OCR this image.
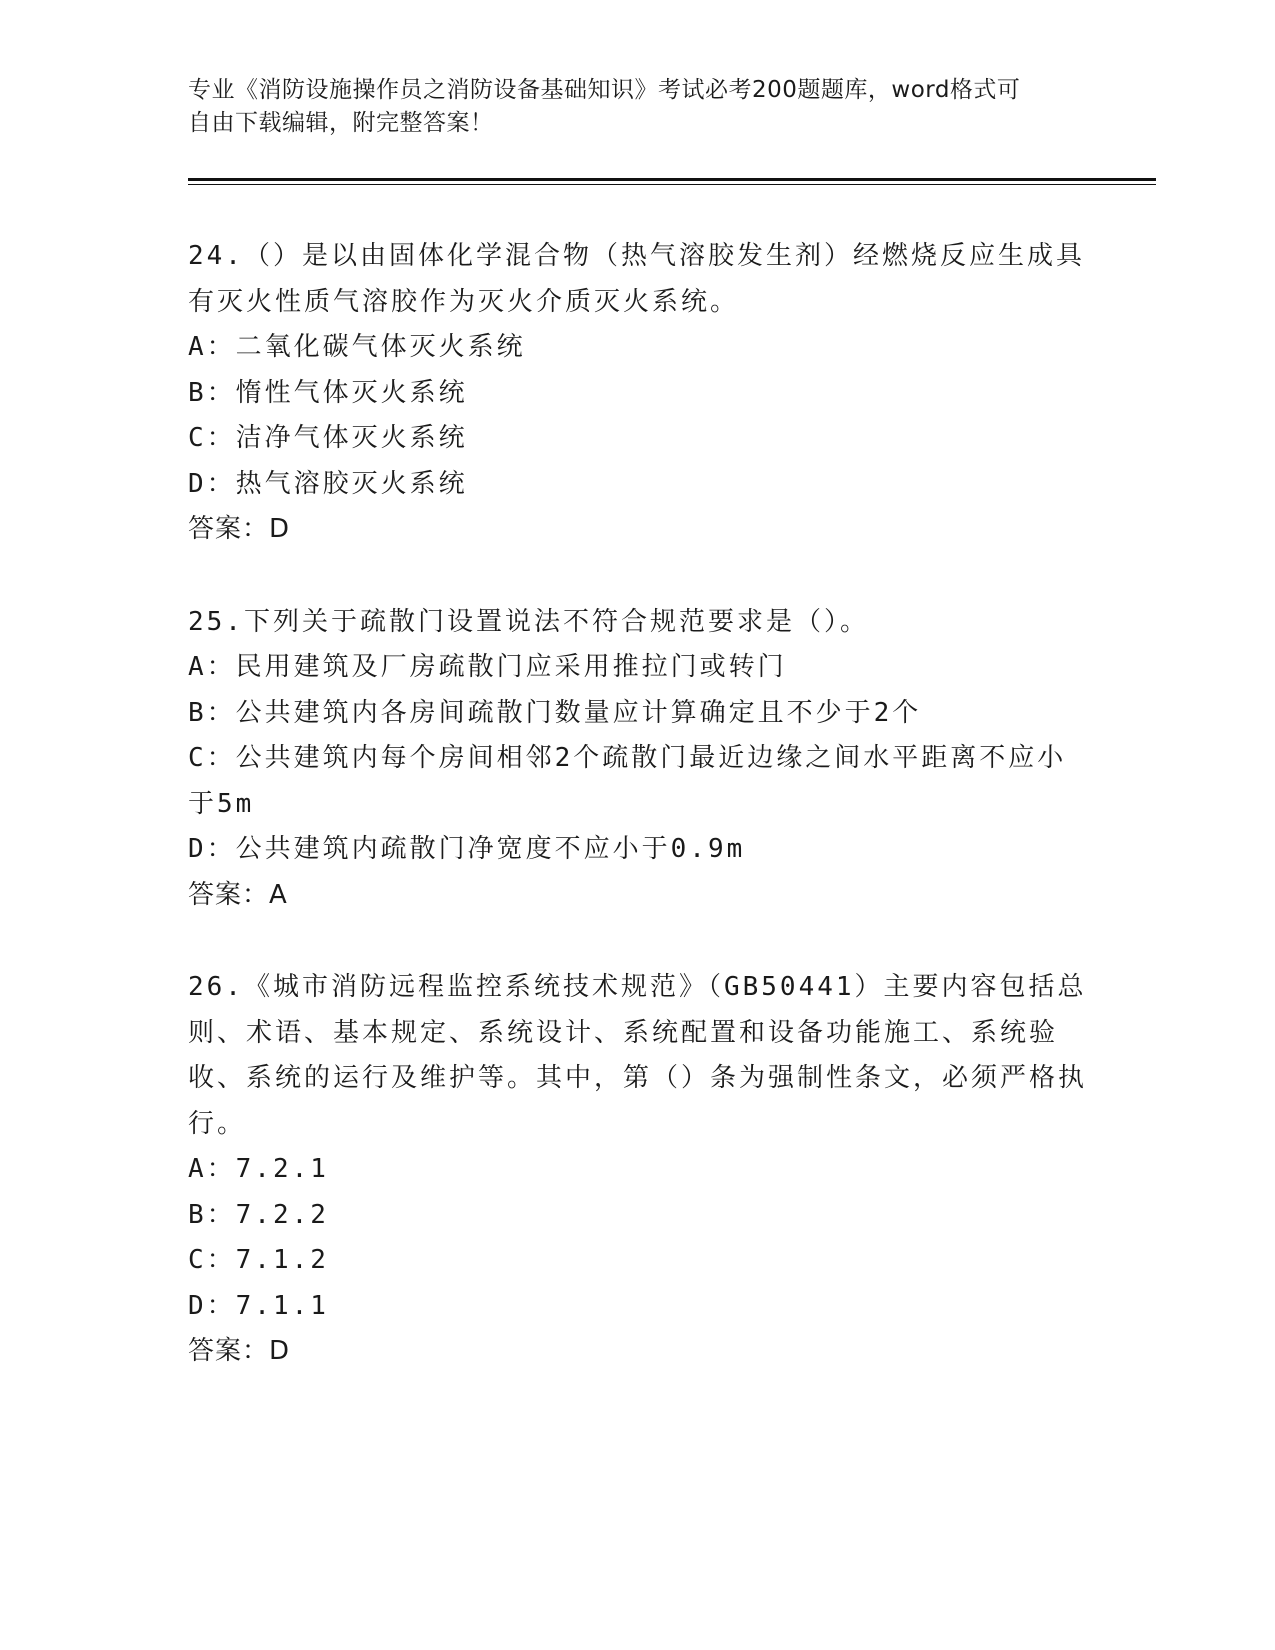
专业《消防设施操作员之消防设备基础知识》考试必考200题题库，word格式可
自由下载编辑，附完整答案！

24.（）是以由固体化学混合物（热气溶胶发生剂）经燃烧反应生成具有灭火性质气溶胶作为灭火介质灭火系统。

A：二氧化碳气体灭火系统

B：惰性气体灭火系统

C：洁净气体灭火系统

D：热气溶胶灭火系统

答案：D

25.下列关于疏散门设置说法不符合规范要求是（）。

A：民用建筑及厂房疏散门应采用推拉门或转门

B：公共建筑内各房间疏散门数量应计算确定且不少于2个

C：公共建筑内每个房间相邻2个疏散门最近边缘之间水平距离不应小于5m

D：公共建筑内疏散门净宽度不应小于0.9m

答案：A

26.《城市消防远程监控系统技术规范》（GB50441）主要内容包括总则、术语、基本规定、系统设计、系统配置和设备功能施工、系统验收、系统的运行及维护等。其中，第（）条为强制性条文，必须严格执行。

A：7.2.1

B：7.2.2

C：7.1.2

D：7.1.1

答案：D
